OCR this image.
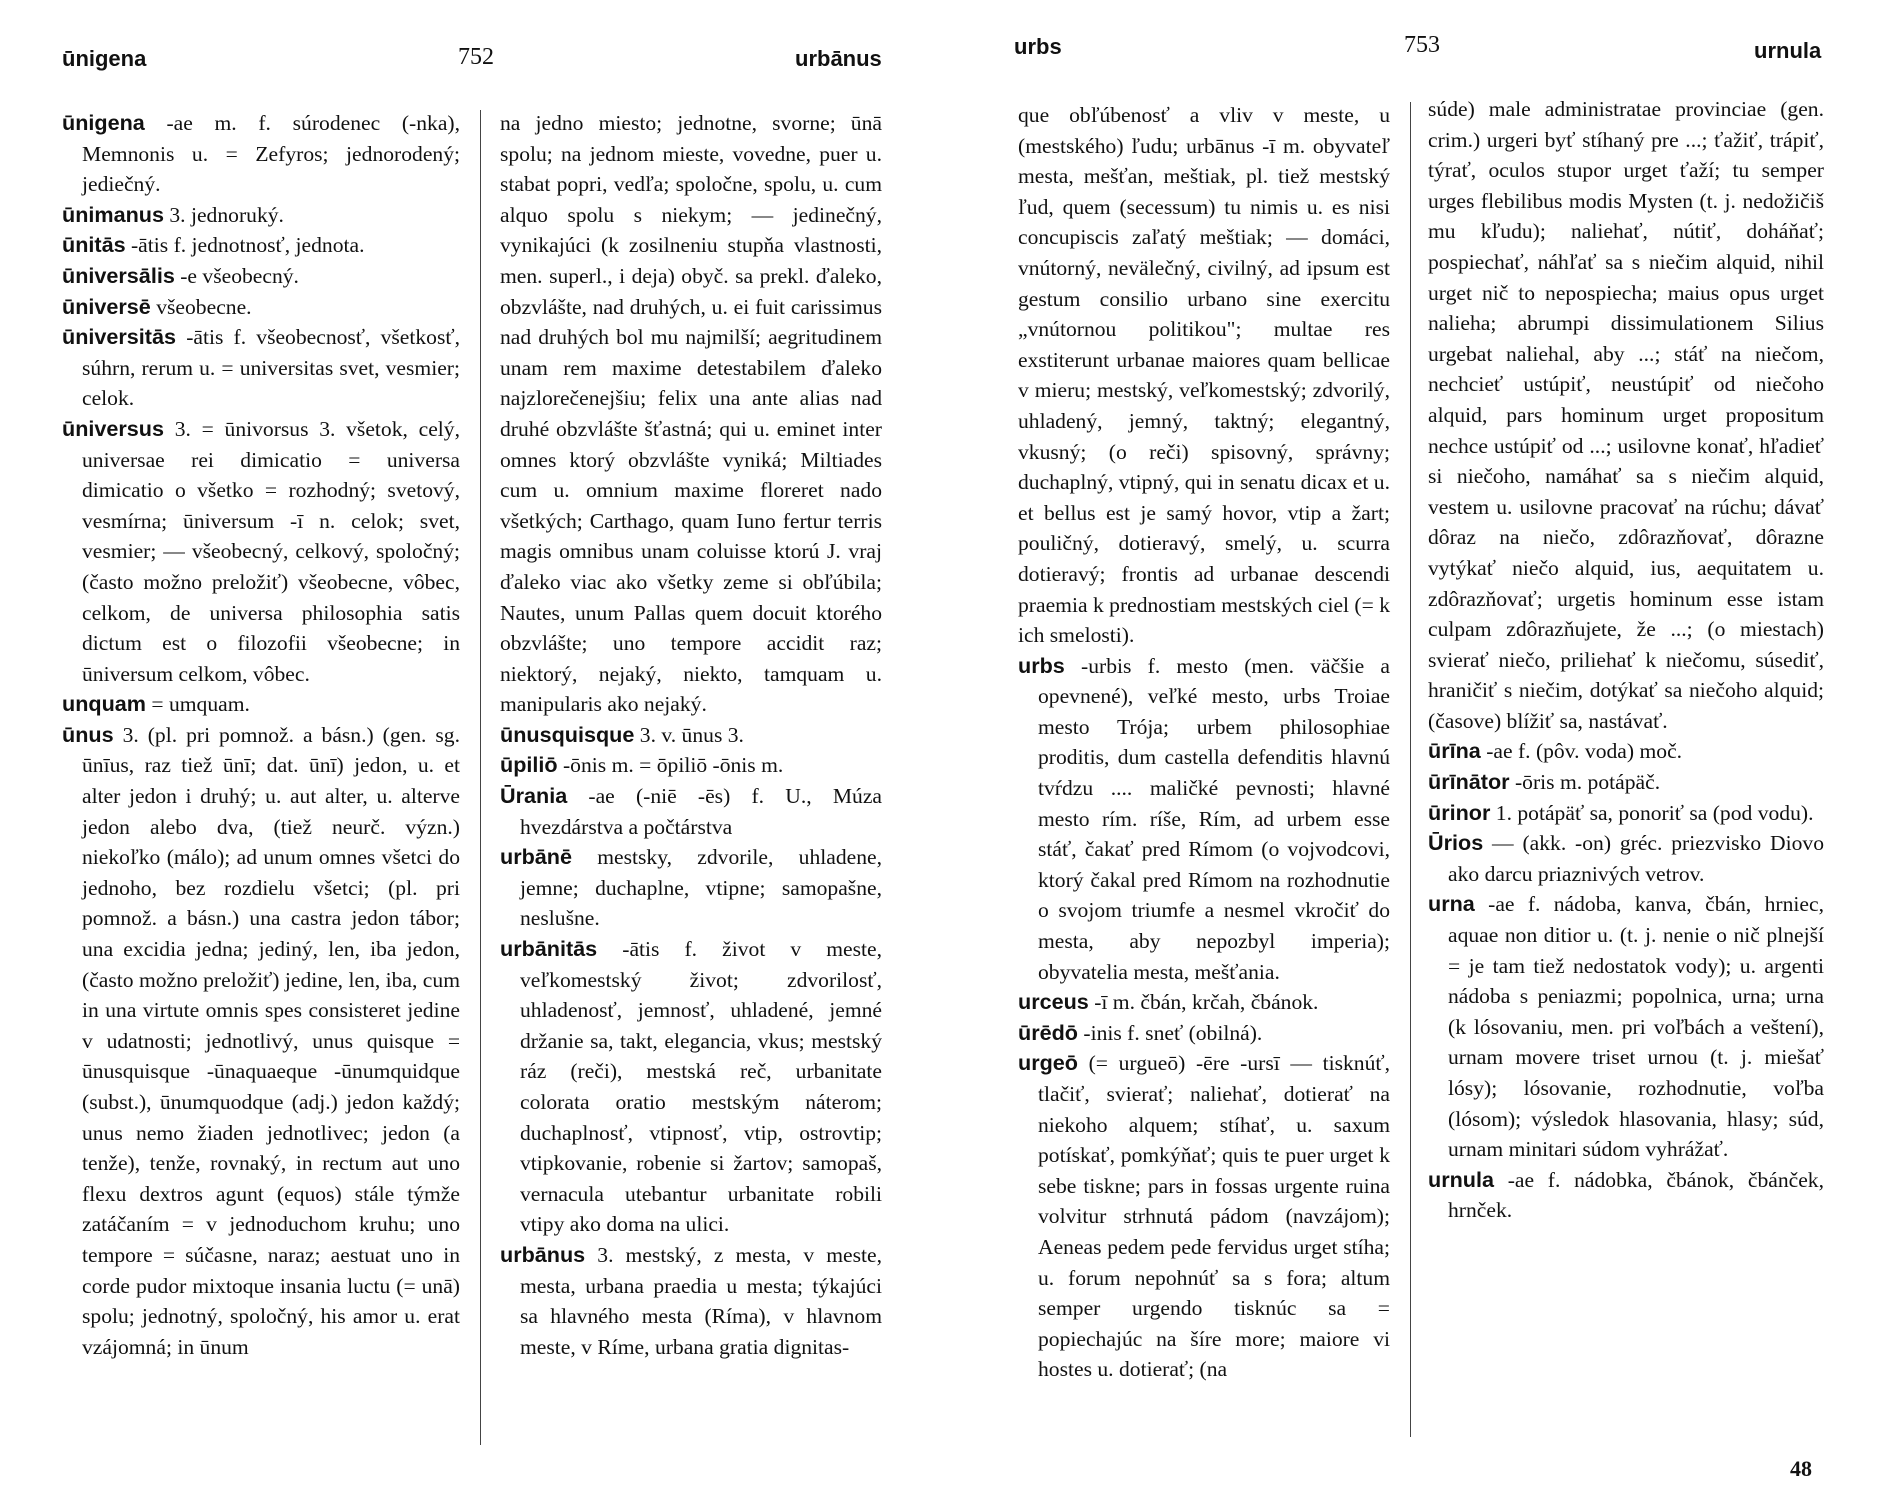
ūnigena	752	urbānus

ūnigena -ae m. f. súrodenec (-nka), Memnonis u. = Zefyros; jednorodený; jediečný.

ūnimanus 3. jednoruký.

ūnitās -ātis f. jednotnosť, jednota.

ūniversālis -e všeobecný.

ūniversē všeobecne.

ūniversitās -ātis f. všeobecnosť, všetkosť, súhrn, rerum u. = universitas svet, vesmier; celok.

ūniversus 3. = ūnivorsus 3. všetok, celý, universae rei dimicatio = universa dimicatio o všetko = rozhodný; svetový, vesmírna; ūniversum -ī n. celok; svet, vesmier; — všeobecný, celkový, spoločný; (často možno preložiť) všeobecne, vôbec, celkom, de universa philosophia satis dictum est o filozofii všeobecne; in ūniversum celkom, vôbec.

unquam = umquam.

ūnus 3. (pl. pri pomnož. a básn.) (gen. sg. ūnīus, raz tiež ūnī; dat. ūnī) jedon, u. et alter jedon i druhý; u. aut alter, u. alterve jedon alebo dva, (tiež neurč. význ.) niekoľko (málo); ad unum omnes všetci do jednoho, bez rozdielu všetci; (pl. pri pomnož. a básn.) una castra jedon tábor; una excidia jedna; jediný, len, iba jedon, (často možno preložiť) jedine, len, iba, cum in una virtute omnis spes consisteret jedine v udatnosti; jednotlivý, unus quisque = ūnusquisque -ūnaquaeque -ūnumquidque (subst.), ūnumquodque (adj.) jedon každý; unus nemo žiaden jednotlivec; jedon (a tenže), tenže, rovnaký, in rectum aut uno flexu dextros agunt (equos) stále týmže zatáčaním = v jednoduchom kruhu; uno tempore = súčasne, naraz; aestuat uno in corde pudor mixtoque insania luctu (= unā) spolu; jednotný, spoločný, his amor u. erat vzájomná; in ūnum

na jedno miesto; jednotne, svorne; ūnā spolu; na jednom mieste, vovedne, puer u. stabat popri, vedľa; spoločne, spolu, u. cum alquo spolu s niekym; — jedinečný, vynikajúci (k zosilneniu stupňa vlastnosti, men. superl., i deja) obyč. sa prekl. ďaleko, obzvlášte, nad druhých, u. ei fuit carissimus nad druhých bol mu najmilší; aegritudinem unam rem maxime detestabilem ďaleko najzlorečenejšiu; felix una ante alias nad druhé obzvlášte šťastná; qui u. eminet inter omnes ktorý obzvlášte vyniká; Miltiades cum u. omnium maxime floreret nado všetkých; Carthago, quam Iuno fertur terris magis omnibus unam coluisse ktorú J. vraj ďaleko viac ako všetky zeme si obľúbila; Nautes, unum Pallas quem docuit ktorého obzvlášte; uno tempore accidit raz; niektorý, nejaký, niekto, tamquam u. manipularis ako nejaký.

ūnusquisque 3. v. ūnus 3.

ūpiliō -ōnis m. = ōpiliō -ōnis m.

Ūrania -ae (-niē -ēs) f. U., Múza hvezdárstva a počtárstva

urbānē mestsky, zdvorile, uhladene, jemne; duchaplne, vtipne; samopašne, neslušne.

urbānitās -ātis f. život v meste, veľkomestský život; zdvorilosť, uhladenosť, jemnosť, uhladené, jemné držanie sa, takt, elegancia, vkus; mestský ráz (reči), mestská reč, urbanitate colorata oratio mestským náterom; duchaplnosť, vtipnosť, vtip, ostrovtip; vtipkovanie, robenie si žartov; samopaš, vernacula utebantur urbanitate robili vtipy ako doma na ulici.

urbānus 3. mestský, z mesta, v meste, mesta, urbana praedia u mesta; týkajúci sa hlavného mesta (Ríma), v hlavnom meste, v Ríme, urbana gratia dignitas-

urbs	753	urnula

que obľúbenosť a vliv v meste, u (mestského) ľudu; urbānus -ī m. obyvateľ mesta, mešťan, meštiak, pl. tiež mestský ľud, quem (secessum) tu nimis u. es nisi concupiscis zaľatý meštiak; — domáci, vnútorný, nevälečný, civilný, ad ipsum est gestum consilio urbano sine exercitu „vnútornou politikou"; multae res exstiterunt urbanae maiores quam bellicae v mieru; mestský, veľkomestský; zdvorilý, uhladený, jemný, taktný; elegantný, vkusný; (o reči) spisovný, správny; duchaplný, vtipný, qui in senatu dicax et u. et bellus est je samý hovor, vtip a žart; pouličný, dotieravý, smelý, u. scurra dotieravý; frontis ad urbanae descendi praemia k prednostiam mestských ciel (= k ich smelosti).

urbs -urbis f. mesto (men. väčšie a opevnené), veľké mesto, urbs Troiae mesto Trója; urbem philosophiae proditis, dum castella defenditis hlavnú tvŕdzu .... maličké pevnosti; hlavné mesto rím. ríše, Rím, ad urbem esse stáť, čakať pred Rímom (o vojvodcovi, ktorý čakal pred Rímom na rozhodnutie o svojom triumfe a nesmel vkročiť do mesta, aby nepozbyl imperia); obyvatelia mesta, mešťania.

urceus -ī m. čbán, krčah, čbánok.

ūrēdō -inis f. sneť (obilná).

urgeō (= urgueō) -ēre -ursī — tisknúť, tlačiť, svierať; naliehať, dotierať na niekoho alquem; stíhať, u. saxum potískať, pomkýňať; quis te puer urget k sebe tiskne; pars in fossas urgente ruina volvitur strhnutá pádom (navzájom); Aeneas pedem pede fervidus urget stíha; u. forum nepohnúť sa s fora; altum semper urgendo tisknúc sa = popiechajúc na šíre more; maiore vi hostes u. dotierať; (na

súde) male administratae provinciae (gen. crim.) urgeri byť stíhaný pre ...; ťažiť, trápiť, týrať, oculos stupor urget ťaží; tu semper urges flebilibus modis Mysten (t. j. nedožičiš mu kľudu); naliehať, nútiť, doháňať; pospiechať, náhľať sa s niečim alquid, nihil urget nič to nepospiecha; maius opus urget nalieha; abrumpi dissimulationem Silius urgebat naliehal, aby ...; stáť na niečom, nechcieť ustúpiť, neustúpiť od niečoho alquid, pars hominum urget propositum nechce ustúpiť od ...; usilovne konať, hľadieť si niečoho, namáhať sa s niečim alquid, vestem u. usilovne pracovať na rúchu; dávať dôraz na niečo, zdôrazňovať, dôrazne vytýkať niečo alquid, ius, aequitatem u. zdôrazňovať; urgetis hominum esse istam culpam zdôrazňujete, že ...; (o miestach) svierať niečo, priliehať k niečomu, súsediť, hraničiť s niečim, dotýkať sa niečoho alquid; (časove) blížiť sa, nastávať.

ūrīna -ae f. (pôv. voda) moč.

ūrīnātor -ōris m. potápäč.

ūrinor 1. potápäť sa, ponoriť sa (pod vodu).

Ūrios — (akk. -on) gréc. priezvisko Diovo ako darcu priaznivých vetrov.

urna -ae f. nádoba, kanva, čbán, hrniec, aquae non ditior u. (t. j. nenie o nič plnejší = je tam tiež nedostatok vody); u. argenti nádoba s peniazmi; popolnica, urna; urna (k lósovaniu, men. pri voľbách a veštení), urnam movere triset urnou (t. j. miešať lósy); lósovanie, rozhodnutie, voľba (lósom); výsledok hlasovania, hlasy; súd, urnam minitari súdom vyhrážať.

urnula -ae f. nádobka, čbánok, čbánček, hrnček.

48
